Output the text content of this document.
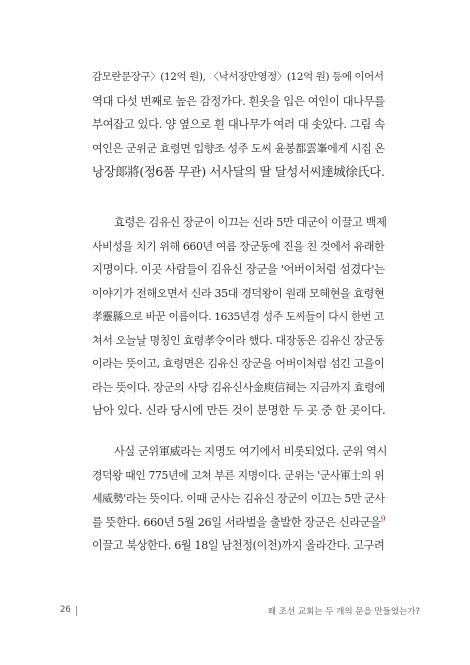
감모란문장구〉(12억 원), 〈낙서장만영정〉(12억 원) 등에 이어서
역대 다섯 번째로 높은 감정가다. 흰옷을 입은 여인이 대나무를
부여잡고 있다. 양 옆으로 흰 대나무가 여러 대 솟았다. 그림 속
여인은 군위군 효령면 입향조 성주 도씨 윤봉都雲峯에게 시집 온
낭장郞將(정6품 무관) 서사달의 딸 달성서씨達城徐氏다.
효령은 김유신 장군이 이끄는 신라 5만 대군이 이끌고 백제
사비성을 치기 위해 660년 여름 장군동에 진을 친 것에서 유래한
지명이다. 이곳 사람들이 김유신 장군을 '어버이처럼 섬겼다'는
이야기가 전해오면서 신라 35대 경덕왕이 원래 모혜현을 효령현
孝靈縣으로 바꾼 이름이다. 1635년경 성주 도씨들이 다시 한번 고
쳐서 오늘날 명칭인 효령孝令이라 했다. 대장동은 김유신 장군동
이라는 뜻이고, 효령면은 김유신 장군을 어버이처럼 섬긴 고을이
라는 뜻이다. 장군의 사당 김유신사金庾信祠는 지금까지 효령에
남아 있다. 신라 당시에 만든 것이 분명한 두 곳 중 한 곳이다.
사실 군위軍威라는 지명도 여기에서 비롯되었다. 군위 역시
경덕왕 때인 775년에 고쳐 부른 지명이다. 군위는 '군사軍士의 위
세威勢'라는 뜻이다. 이때 군사는 김유신 장군이 이끄는 5만 군사
를 뜻한다. 660년 5월 26일 서라벌을 출발한 장군은 신라군을$^9$
이끌고 북상한다. 6월 18일 남천정(이천)까지 올라간다. 고구려
26	왜 조선 교회는 두 개의 문을 만들었는가?
